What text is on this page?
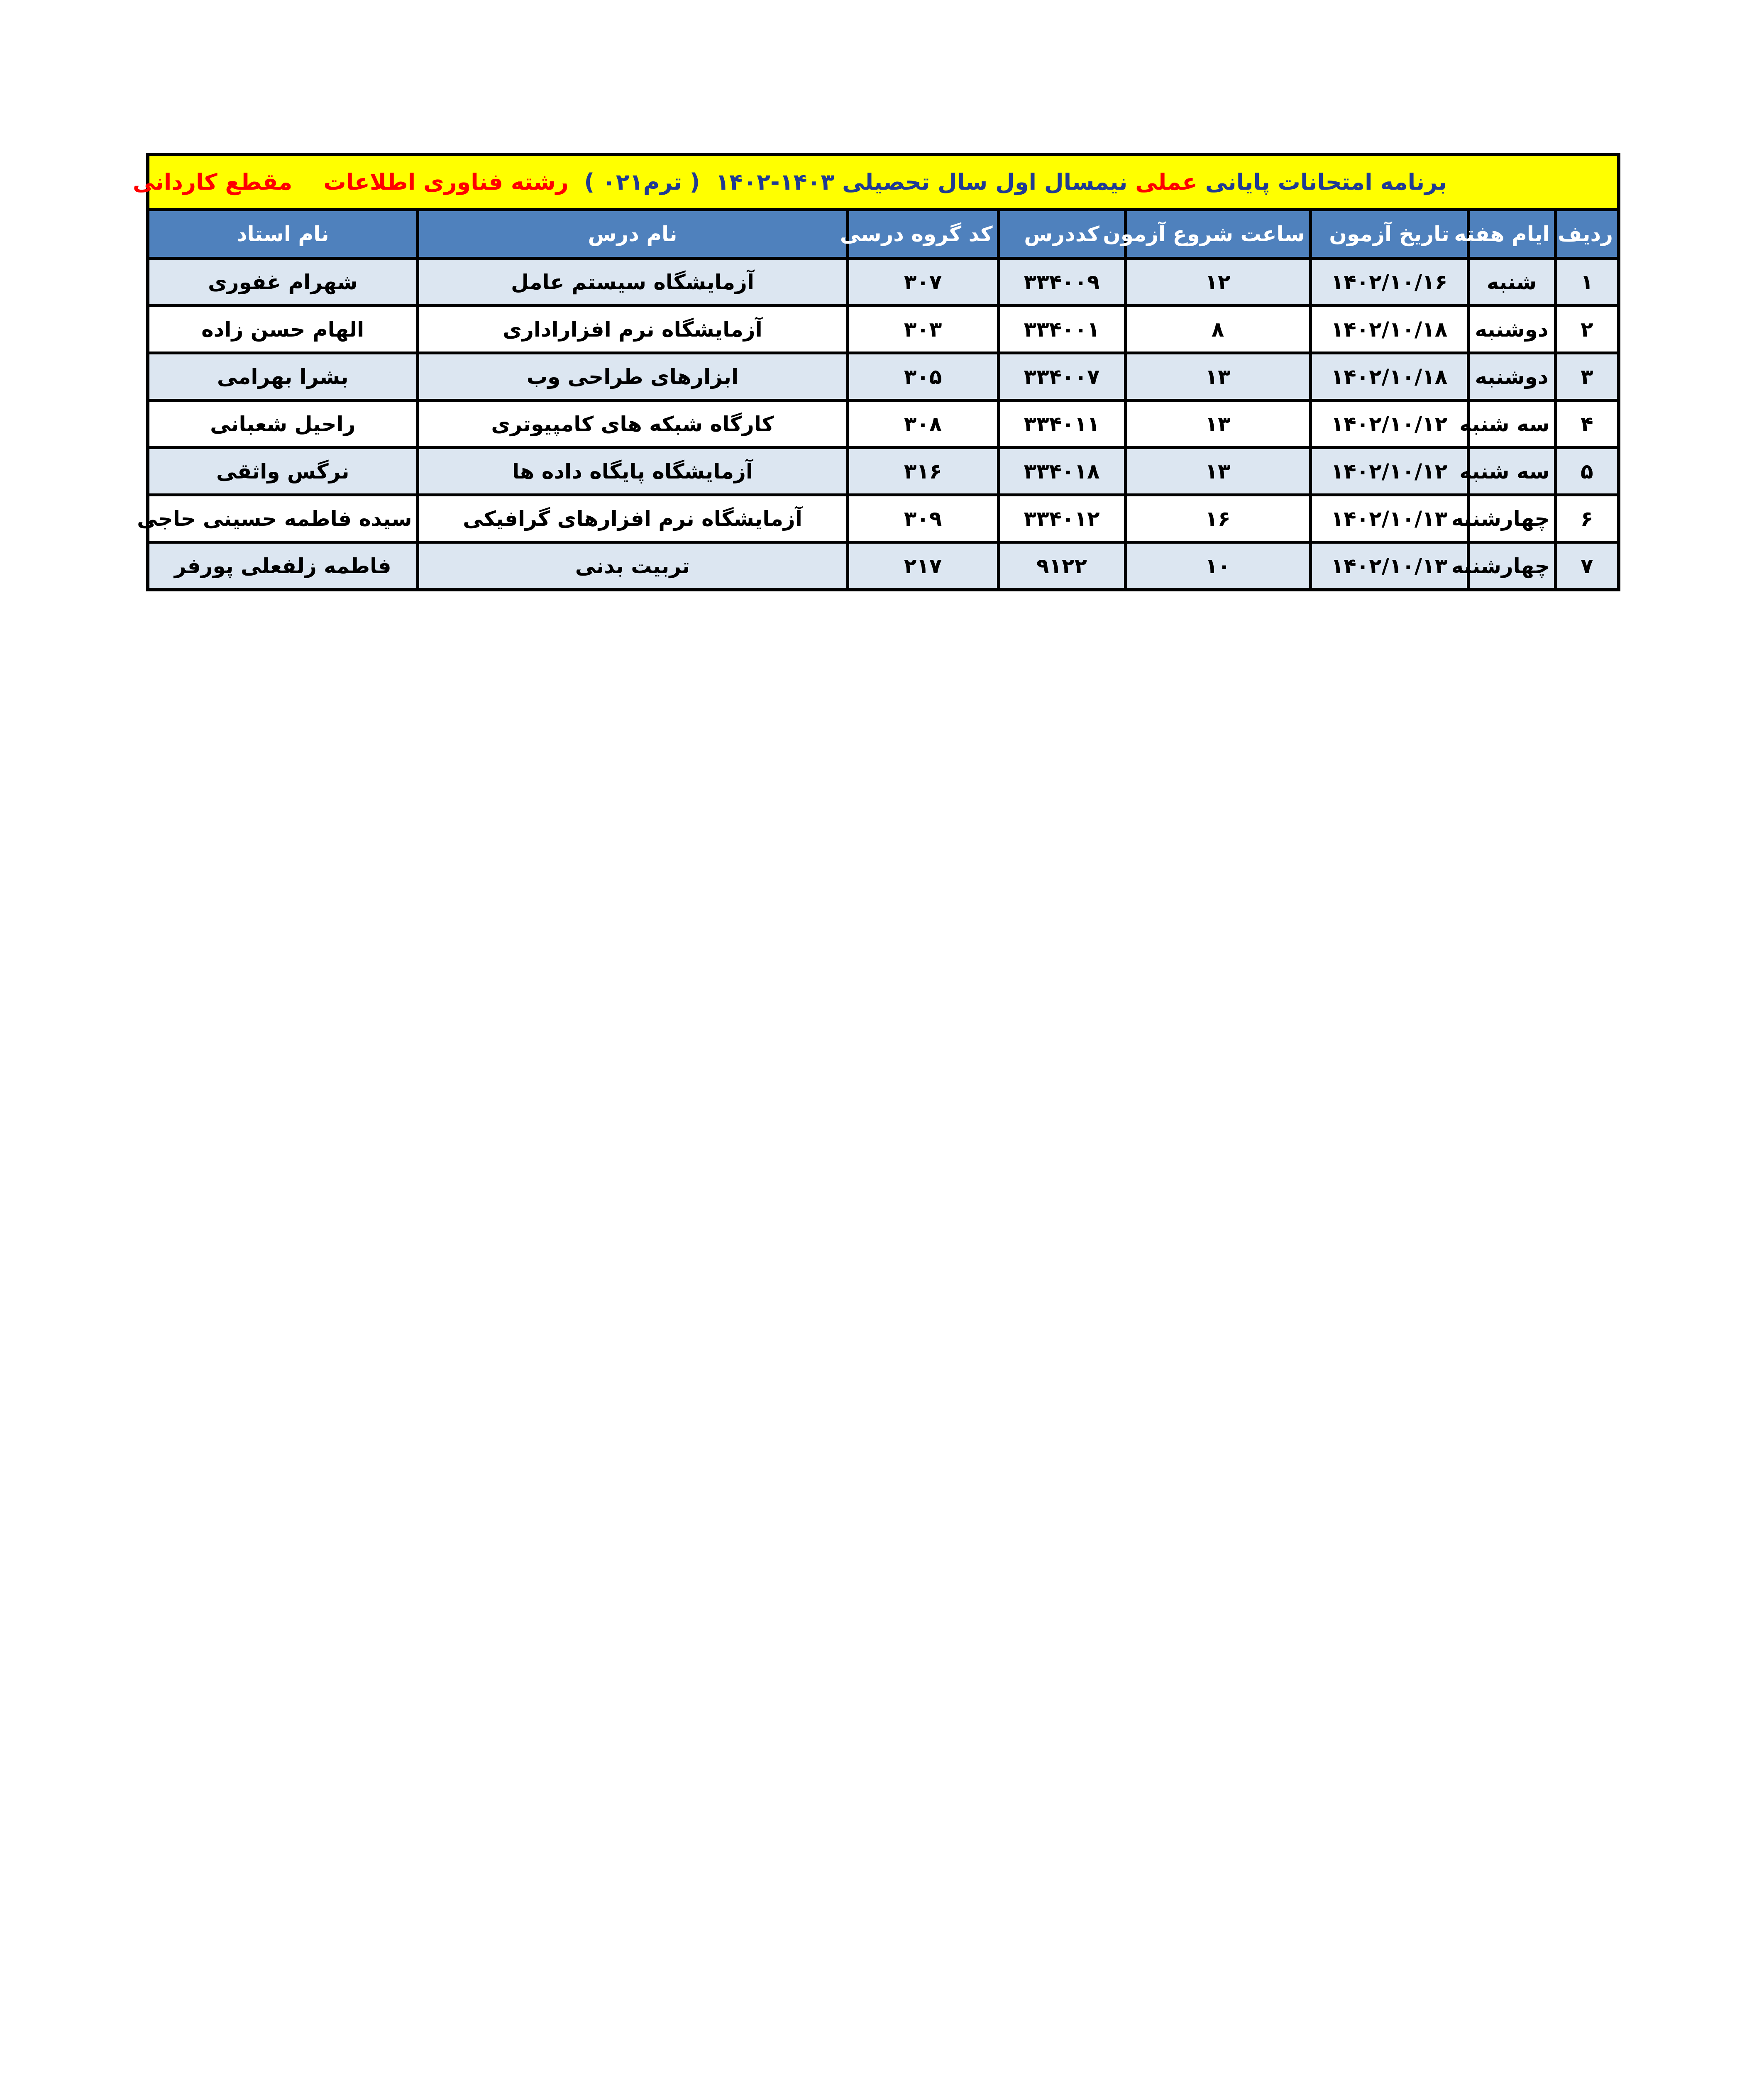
برنامه امتحانات پایانی
عملی
نیمسال اول سال تحصیلی ۱۴۰۳-۱۴۰۲  ( ترم۰۲۱ )
رشته فناوری اطلاعات
مقطع کاردانی
ردیف	ایام هفته	تاریخ آزمون	ساعت شروع آزمون	کددرس	کد گروه درسی	نام درس	نام استاد
۱	شنبه	۱۴۰۲/۱۰/۱۶	۱۲	۳۳۴۰۰۹	۳۰۷	آزمایشگاه سیستم عامل	شهرام غفوری
۲	دوشنبه	۱۴۰۲/۱۰/۱۸	۸	۳۳۴۰۰۱	۳۰۳	آزمایشگاه نرم افزاراداری	الهام حسن زاده
۳	دوشنبه	۱۴۰۲/۱۰/۱۸	۱۳	۳۳۴۰۰۷	۳۰۵	ابزارهای طراحی وب	بشرا بهرامی
۴	سه شنبه	۱۴۰۲/۱۰/۱۲	۱۳	۳۳۴۰۱۱	۳۰۸	کارگاه شبکه های کامپیوتری	راحیل شعبانی
۵	سه شنبه	۱۴۰۲/۱۰/۱۲	۱۳	۳۳۴۰۱۸	۳۱۶	آزمایشگاه پایگاه داده ها	نرگس واثقی
۶	چهارشنبه	۱۴۰۲/۱۰/۱۳	۱۶	۳۳۴۰۱۲	۳۰۹	آزمایشگاه نرم افزارهای گرافیکی	سیده فاطمه حسینی حاجی
۷	چهارشنبه	۱۴۰۲/۱۰/۱۳	۱۰	۹۱۲۲	۲۱۷	تربیت بدنی	فاطمه زلفعلی پورفر
